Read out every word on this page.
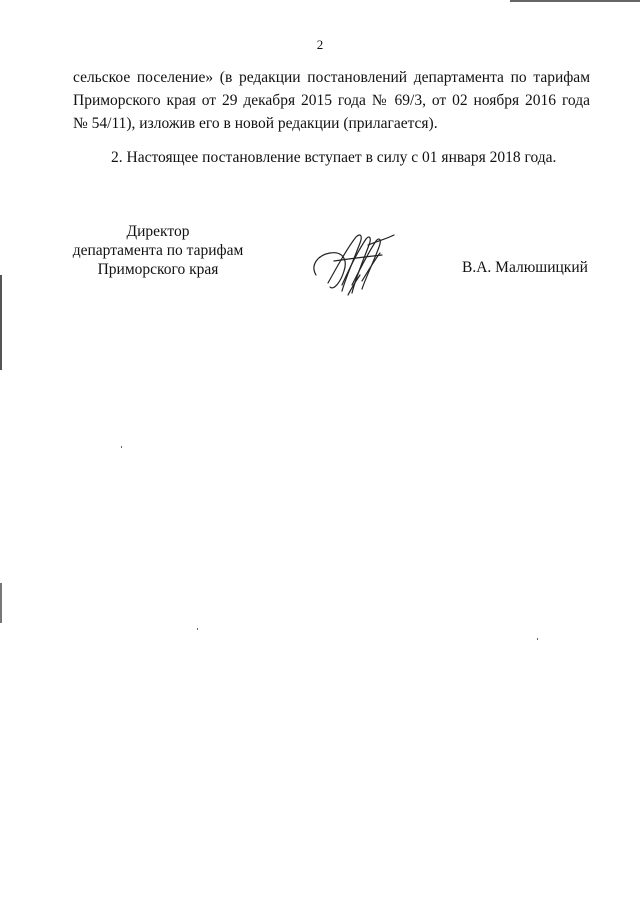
2

сельское поселение» (в редакции постановлений департамента по тарифам
Приморского края от 29 декабря 2015 года № 69/3, от 02 ноября 2016 года
№ 54/11), изложив его в новой редакции (прилагается).

2. Настоящее постановление вступает в силу с 01 января 2018 года.

Директор
департамента по тарифам
Приморского края	В.А. Малюшицкий
